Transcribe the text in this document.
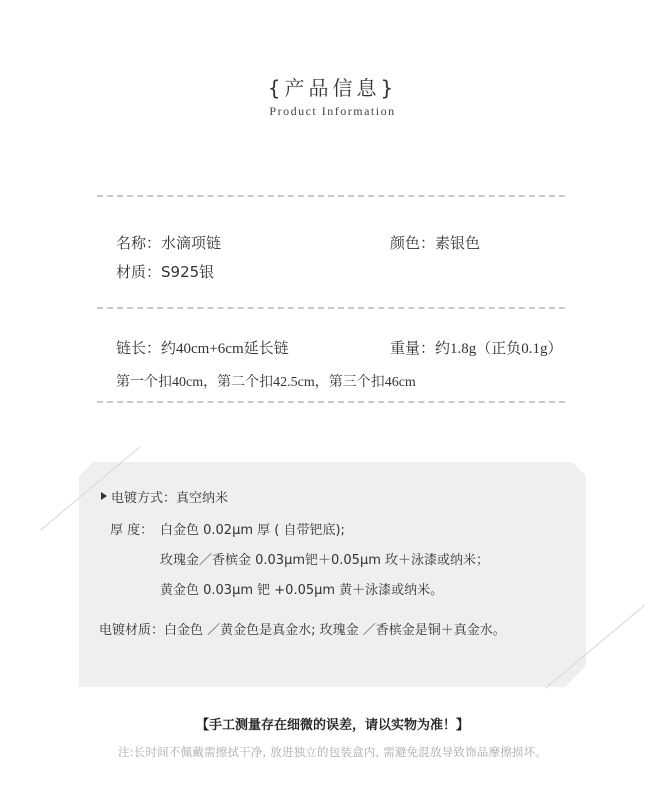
{产品信息}
Product Information
名称：水滴项链	颜色：素银色
材质：S925银
链长：约40cm+6cm延长链	重量：约1.8g（正负0.1g）
第一个扣40cm，第二个扣42.5cm，第三个扣46cm
电镀方式：真空纳米
厚 度： 白金色 0.02μm 厚 ( 自带钯底);
玫瑰金／香槟金 0.03μm钯＋0.05μm 玫＋泳漆或纳米；
黄金色 0.03μm 钯 +0.05μm 黄＋泳漆或纳米。
电镀材质：白金色 ／黄金色是真金水; 玫瑰金 ／香槟金是铜＋真金水。
【手工测量存在细微的误差，请以实物为准！】
注:长时间不佩戴需擦拭干净, 放进独立的包装盒内, 需避免混放导致饰品摩擦损坏。
